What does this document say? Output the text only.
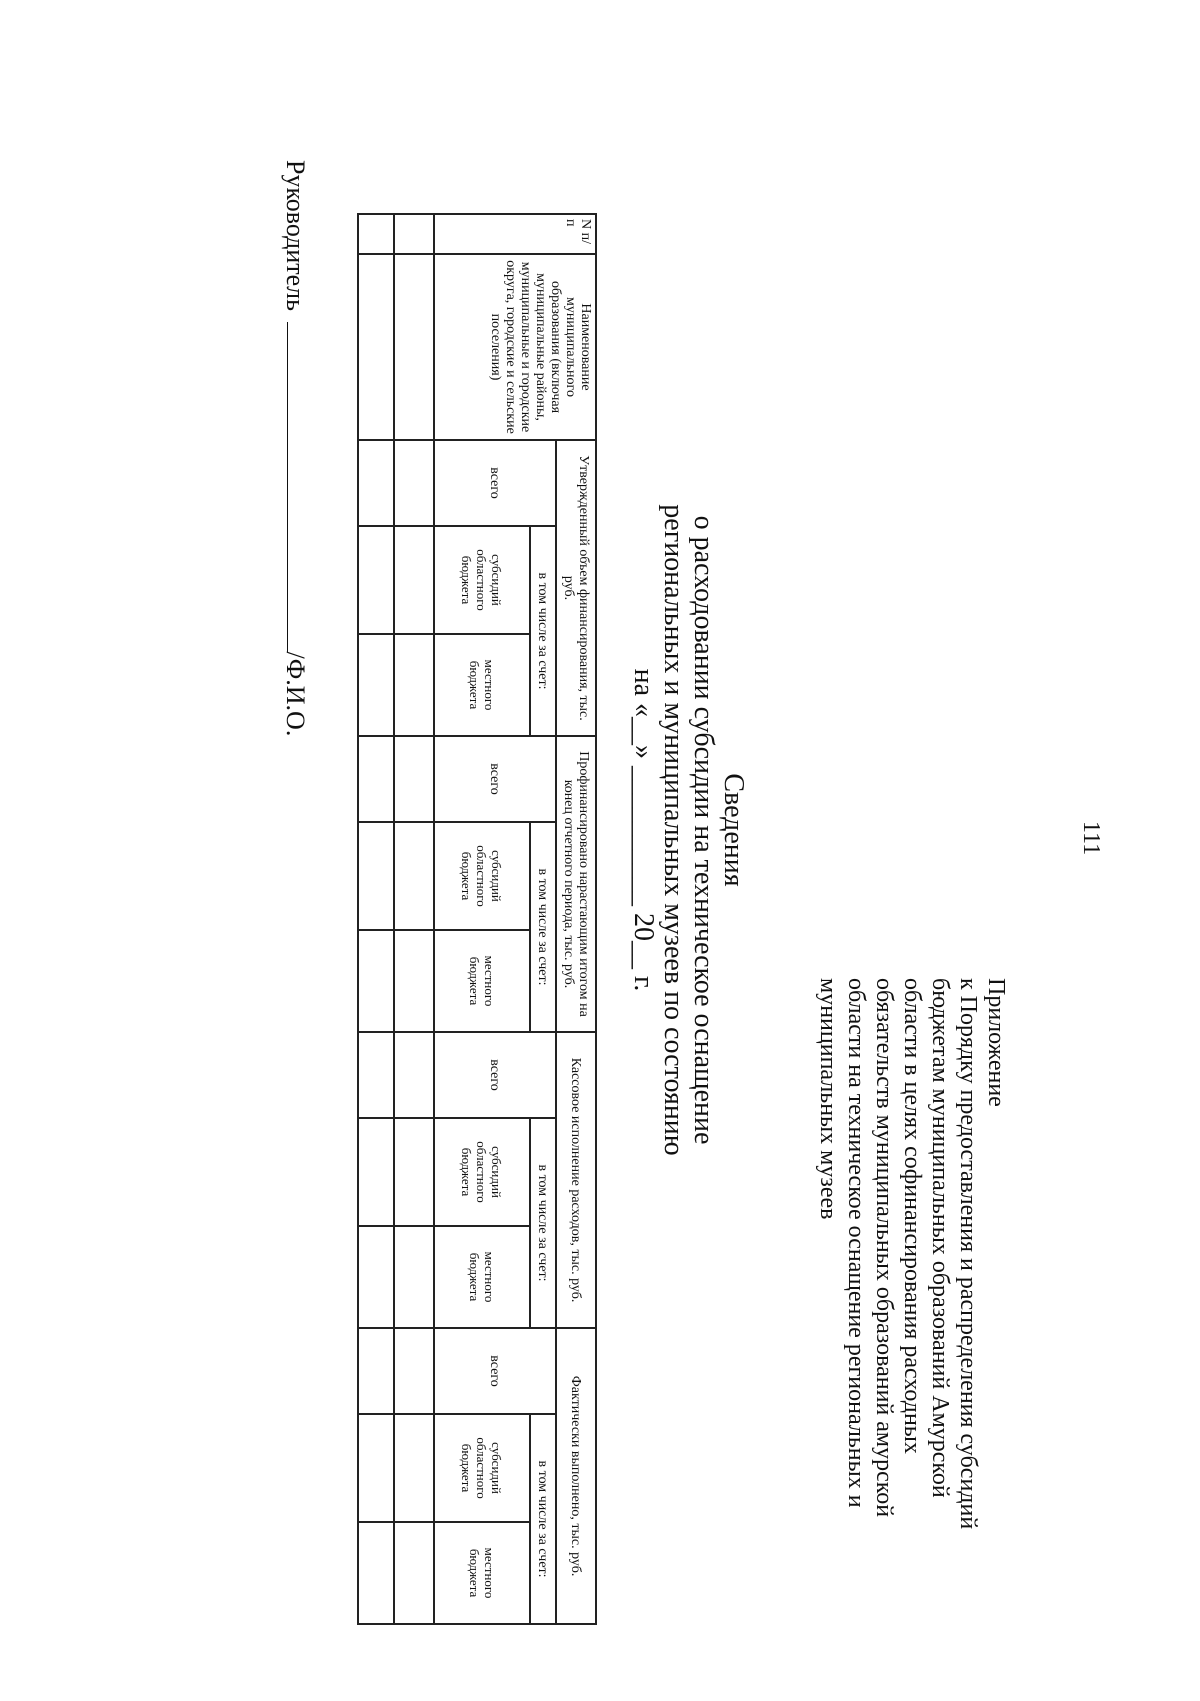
111
Приложение
к Порядку предоставления и распределения субсидий
бюджетам муниципальных образований Амурской
области в целях софинансирования расходных
обязательств муниципальных образований амурской
области на техническое оснащение региональных и
муниципальных музеев
Сведения
о расходовании субсидии на техническое оснащение
региональных и муниципальных музеев по состоянию
на «__» __________ 20__ г.
N п/п	Наименование муниципального образования (включая муниципальные районы, муниципальные и городские округа, городские и сельские поселения)	Утвержденный объем финансирования, тыс. руб.			Профинансировано нарастающим итогом на конец отчетного периода, тыс. руб.			Кассовое исполнение расходов, тыс. руб.			Фактически выполнено, тыс. руб.		
		всего	в том числе за счет:		всего	в том числе за счет:		всего	в том числе за счет:		всего	в том числе за счет:	
			субсидий областного бюджета	местного бюджета		субсидий областного бюджета	местного бюджета		субсидий областного бюджета	местного бюджета		субсидий областного бюджета	местного бюджета

Руководитель /Ф.И.О.
